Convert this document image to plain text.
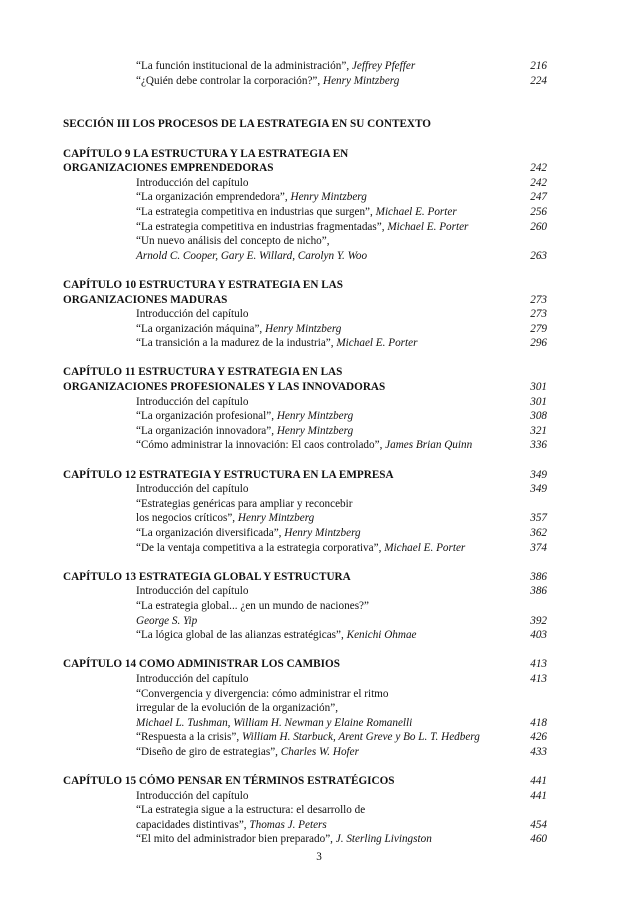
“La función institucional de la administración”, Jeffrey Pfeffer	216
“¿Quién debe controlar la corporación?”, Henry Mintzberg	224
SECCIÓN III LOS PROCESOS DE LA ESTRATEGIA EN SU CONTEXTO
CAPÍTULO 9 LA ESTRUCTURA Y LA ESTRATEGIA EN
ORGANIZACIONES EMPRENDEDORAS	242
Introducción del capítulo	242
“La organización emprendedora”, Henry Mintzberg	247
“La estrategia competitiva en industrias que surgen”, Michael E. Porter	256
“La estrategia competitiva en industrias fragmentadas”, Michael E. Porter	260
“Un nuevo análisis del concepto de nicho”,
Arnold C. Cooper, Gary E. Willard, Carolyn Y. Woo	263
CAPÍTULO 10 ESTRUCTURA Y ESTRATEGIA EN LAS
ORGANIZACIONES MADURAS	273
Introducción del capítulo	273
“La organización máquina”, Henry Mintzberg	279
“La transición a la madurez de la industria”, Michael E. Porter	296
CAPÍTULO 11 ESTRUCTURA Y ESTRATEGIA EN LAS
ORGANIZACIONES PROFESIONALES Y LAS INNOVADORAS	301
Introducción del capítulo	301
“La organización profesional”, Henry Mintzberg	308
“La organización innovadora”, Henry Mintzberg	321
“Cómo administrar la innovación: El caos controlado”, James Brian Quinn	336
CAPÍTULO 12 ESTRATEGIA Y ESTRUCTURA EN LA EMPRESA	349
Introducción del capítulo	349
“Estrategias genéricas para ampliar y reconcebir
los negocios críticos”, Henry Mintzberg	357
“La organización diversificada”, Henry Mintzberg	362
“De la ventaja competitiva a la estrategia corporativa”, Michael E. Porter	374
CAPÍTULO 13 ESTRATEGIA GLOBAL Y ESTRUCTURA	386
Introducción del capítulo	386
“La estrategia global... ¿en un mundo de naciones?”
George S. Yip	392
“La lógica global de las alianzas estratégicas”, Kenichi Ohmae	403
CAPÍTULO 14 COMO ADMINISTRAR LOS CAMBIOS	413
Introducción del capítulo	413
“Convergencia y divergencia: cómo administrar el ritmo
irregular de la evolución de la organización”,
Michael L. Tushman, William H. Newman y Elaine Romanelli	418
“Respuesta a la crisis”, William H. Starbuck, Arent Greve y Bo L. T. Hedberg	426
“Diseño de giro de estrategias”, Charles W. Hofer	433
CAPÍTULO 15 CÓMO PENSAR EN TÉRMINOS ESTRATÉGICOS	441
Introducción del capítulo	441
“La estrategia sigue a la estructura: el desarrollo de
capacidades distintivas”, Thomas J. Peters	454
“El mito del administrador bien preparado”, J. Sterling Livingston	460
3
